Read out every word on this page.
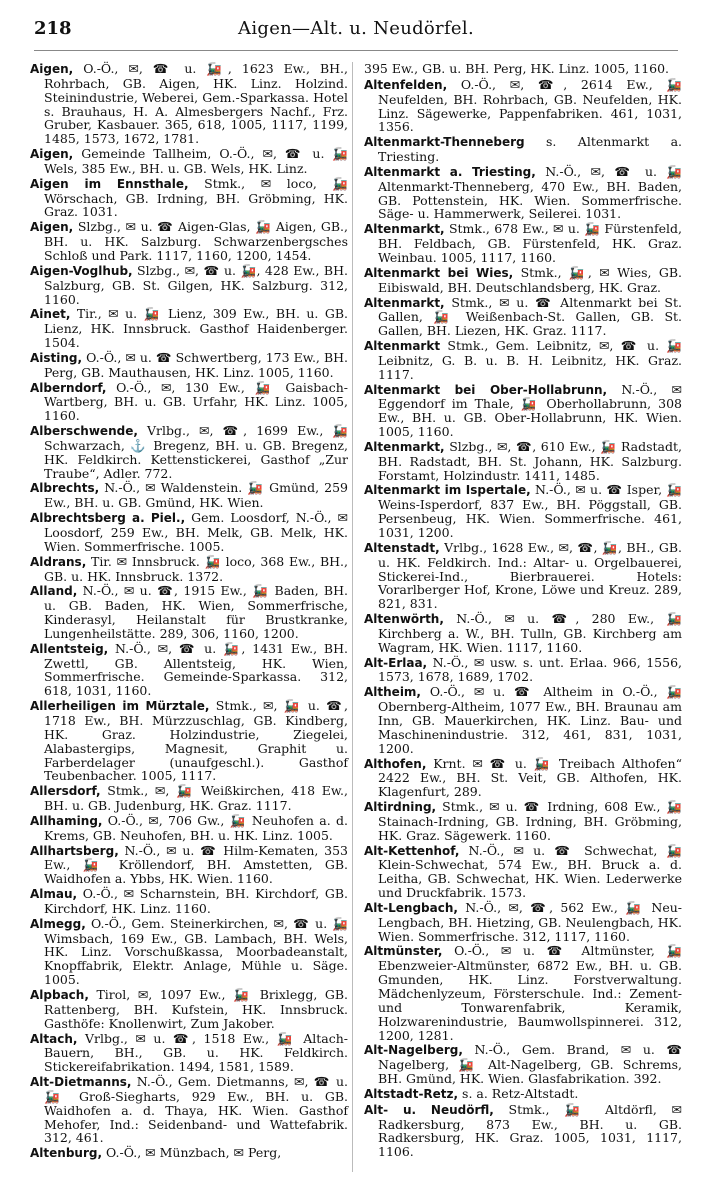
218	Aigen—Alt. u. Neudörfel.

Aigen, O.-Ö., ✉, ☎ u. 🚂, 1623 Ew., BH., Rohrbach, GB. Aigen, HK. Linz. Holzind. Steinindustrie, Weberei, Gem.-Sparkassa. Hotel s. Brauhaus, H. A. Almesbergers Nachf., Frz. Gruber, Kasbauer. 365, 618, 1005, 1117, 1199, 1485, 1573, 1672, 1781.

Aigen, Gemeinde Tallheim, O.-Ö., ✉, ☎ u. 🚂 Wels, 385 Ew., BH. u. GB. Wels, HK. Linz.

Aigen im Ennsthale, Stmk., ✉ loco, 🚂 Wörschach, GB. Irdning, BH. Gröbming, HK. Graz. 1031.

Aigen, Slzbg., ✉ u. ☎ Aigen-Glas, 🚂 Aigen, GB., BH. u. HK. Salzburg. Schwarzenbergsches Schloß und Park. 1117, 1160, 1200, 1454.

Aigen-Voglhub, Slzbg., ✉, ☎ u. 🚂, 428 Ew., BH. Salzburg, GB. St. Gilgen, HK. Salzburg. 312, 1160.

Ainet, Tir., ✉ u. 🚂 Lienz, 309 Ew., BH. u. GB. Lienz, HK. Innsbruck. Gasthof Haidenberger. 1504.

Aisting, O.-Ö., ✉ u. ☎ Schwertberg, 173 Ew., BH. Perg, GB. Mauthausen, HK. Linz. 1005, 1160.

Alberndorf, O.-Ö., ✉, 130 Ew., 🚂 Gaisbach-Wartberg, BH. u. GB. Urfahr, HK. Linz. 1005, 1160.

Alberschwende, Vrlbg., ✉, ☎, 1699 Ew., 🚂 Schwarzach, ⚓ Bregenz, BH. u. GB. Bregenz, HK. Feldkirch. Kettenstickerei, Gasthof „Zur Traube“, Adler. 772.

Albrechts, N.-Ö., ✉ Waldenstein. 🚂 Gmünd, 259 Ew., BH. u. GB. Gmünd, HK. Wien.

Albrechtsberg a. Piel., Gem. Loosdorf, N.-Ö., ✉ Loosdorf, 259 Ew., BH. Melk, GB. Melk, HK. Wien. Sommerfrische. 1005.

Aldrans, Tir. ✉ Innsbruck. 🚂 loco, 368 Ew., BH., GB. u. HK. Innsbruck. 1372.

Alland, N.-Ö., ✉ u. ☎, 1915 Ew., 🚂 Baden, BH. u. GB. Baden, HK. Wien, Sommerfrische, Kinderasyl, Heilanstalt für Brustkranke, Lungenheilstätte. 289, 306, 1160, 1200.

Allentsteig, N.-Ö., ✉, ☎ u. 🚂, 1431 Ew., BH. Zwettl, GB. Allentsteig, HK. Wien, Sommerfrische. Gemeinde-Sparkassa. 312, 618, 1031, 1160.

Allerheiligen im Mürztale, Stmk., ✉, 🚂 u. ☎, 1718 Ew., BH. Mürzzuschlag, GB. Kindberg, HK. Graz. Holzindustrie, Ziegelei, Alabastergips, Magnesit, Graphit u. Farberdelager (unaufgeschl.). Gasthof Teubenbacher. 1005, 1117.

Allersdorf, Stmk., ✉, 🚂 Weißkirchen, 418 Ew., BH. u. GB. Judenburg, HK. Graz. 1117.

Allhaming, O.-Ö., ✉, 706 Gw., 🚂 Neuhofen a. d. Krems, GB. Neuhofen, BH. u. HK. Linz. 1005.

Allhartsberg, N.-Ö., ✉ u. ☎ Hilm-Kematen, 353 Ew., 🚂 Kröllendorf, BH. Amstetten, GB. Waidhofen a. Ybbs, HK. Wien. 1160.

Almau, O.-Ö., ✉ Scharnstein, BH. Kirchdorf, GB. Kirchdorf, HK. Linz. 1160.

Almegg, O.-Ö., Gem. Steinerkirchen, ✉, ☎ u. 🚂 Wimsbach, 169 Ew., GB. Lambach, BH. Wels, HK. Linz. Vorschußkassa, Moorbadeanstalt, Knopffabrik, Elektr. Anlage, Mühle u. Säge. 1005.

Alpbach, Tirol, ✉, 1097 Ew., 🚂 Brixlegg, GB. Rattenberg, BH. Kufstein, HK. Innsbruck. Gasthöfe: Knollenwirt, Zum Jakober.

Altach, Vrlbg., ✉ u. ☎, 1518 Ew., 🚂 Altach-Bauern, BH., GB. u. HK. Feldkirch. Stickereifabrikation. 1494, 1581, 1589.

Alt-Dietmanns, N.-Ö., Gem. Dietmanns, ✉, ☎ u. 🚂 Groß-Siegharts, 929 Ew., BH. u. GB. Waidhofen a. d. Thaya, HK. Wien. Gasthof Mehofer, Ind.: Seidenband- und Wattefabrik. 312, 461.

Altenburg, O.-Ö., ✉ Münzbach, ✉ Perg,

395 Ew., GB. u. BH. Perg, HK. Linz. 1005, 1160.

Altenfelden, O.-Ö., ✉, ☎, 2614 Ew., 🚂 Neufelden, BH. Rohrbach, GB. Neufelden, HK. Linz. Sägewerke, Pappenfabriken. 461, 1031, 1356.

Altenmarkt-Thenneberg s. Altenmarkt a. Triesting.

Altenmarkt a. Triesting, N.-Ö., ✉, ☎ u. 🚂 Altenmarkt-Thenneberg, 470 Ew., BH. Baden, GB. Pottenstein, HK. Wien. Sommerfrische. Säge- u. Hammerwerk, Seilerei. 1031.

Altenmarkt, Stmk., 678 Ew., ✉ u. 🚂 Fürstenfeld, BH. Feldbach, GB. Fürstenfeld, HK. Graz. Weinbau. 1005, 1117, 1160.

Altenmarkt bei Wies, Stmk., 🚂, ✉ Wies, GB. Eibiswald, BH. Deutschlandsberg, HK. Graz.

Altenmarkt, Stmk., ✉ u. ☎ Altenmarkt bei St. Gallen, 🚂 Weißenbach-St. Gallen, GB. St. Gallen, BH. Liezen, HK. Graz. 1117.

Altenmarkt Stmk., Gem. Leibnitz, ✉, ☎ u. 🚂 Leibnitz, G. B. u. B. H. Leibnitz, HK. Graz. 1117.

Altenmarkt bei Ober-Hollabrunn, N.-Ö., ✉ Eggendorf im Thale, 🚂 Oberhollabrunn, 308 Ew., BH. u. GB. Ober-Hollabrunn, HK. Wien. 1005, 1160.

Altenmarkt, Slzbg., ✉, ☎, 610 Ew., 🚂 Radstadt, BH. Radstadt, BH. St. Johann, HK. Salzburg. Forstamt, Holzindustr. 1411, 1485.

Altenmarkt im Ispertale, N.-Ö., ✉ u. ☎ Isper, 🚂 Weins-Isperdorf, 837 Ew., BH. Pöggstall, GB. Persenbeug, HK. Wien. Sommerfrische. 461, 1031, 1200.

Altenstadt, Vrlbg., 1628 Ew., ✉, ☎, 🚂, BH., GB. u. HK. Feldkirch. Ind.: Altar- u. Orgelbauerei, Stickerei-Ind., Bierbrauerei. Hotels: Vorarlberger Hof, Krone, Löwe und Kreuz. 289, 821, 831.

Altenwörth, N.-Ö., ✉ u. ☎, 280 Ew., 🚂 Kirchberg a. W., BH. Tulln, GB. Kirchberg am Wagram, HK. Wien. 1117, 1160.

Alt-Erlaa, N.-Ö., ✉ usw. s. unt. Erlaa. 966, 1556, 1573, 1678, 1689, 1702.

Altheim, O.-Ö., ✉ u. ☎ Altheim in O.-Ö., 🚂 Obernberg-Altheim, 1077 Ew., BH. Braunau am Inn, GB. Mauerkirchen, HK. Linz. Bau- und Maschinenindustrie. 312, 461, 831, 1031, 1200.

Althofen, Krnt. ✉ ☎ u. 🚂 Treibach Althofen“ 2422 Ew., BH. St. Veit, GB. Althofen, HK. Klagenfurt, 289.

Altirdning, Stmk., ✉ u. ☎ Irdning, 608 Ew., 🚂 Stainach-Irdning, GB. Irdning, BH. Gröbming, HK. Graz. Sägewerk. 1160.

Alt-Kettenhof, N.-Ö., ✉ u. ☎ Schwechat, 🚂 Klein-Schwechat, 574 Ew., BH. Bruck a. d. Leitha, GB. Schwechat, HK. Wien. Lederwerke und Druckfabrik. 1573.

Alt-Lengbach, N.-Ö., ✉, ☎, 562 Ew., 🚂 Neu-Lengbach, BH. Hietzing, GB. Neulengbach, HK. Wien. Sommerfrische. 312, 1117, 1160.

Altmünster, O.-Ö., ✉ u. ☎ Altmünster, 🚂 Ebenzweier-Altmünster, 6872 Ew., BH. u. GB. Gmunden, HK. Linz. Forstverwaltung. Mädchenlyzeum, Försterschule. Ind.: Zement- und Tonwarenfabrik, Keramik, Holzwarenindustrie, Baumwollspinnerei. 312, 1200, 1281.

Alt-Nagelberg, N.-Ö., Gem. Brand, ✉ u. ☎ Nagelberg, 🚂 Alt-Nagelberg, GB. Schrems, BH. Gmünd, HK. Wien. Glasfabrikation. 392.

Altstadt-Retz, s. a. Retz-Altstadt.

Alt- u. Neudörfl, Stmk., 🚂 Altdörfl, ✉ Radkersburg, 873 Ew., BH. u. GB. Radkersburg, HK. Graz. 1005, 1031, 1117, 1106.
